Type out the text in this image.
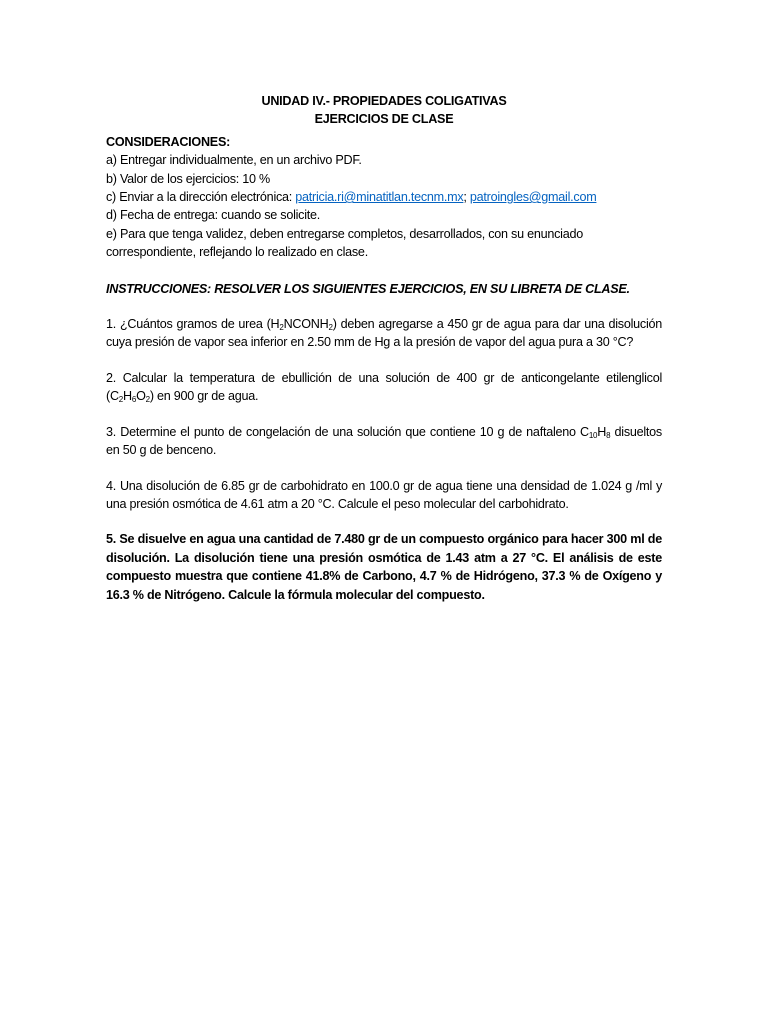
UNIDAD IV.- PROPIEDADES COLIGATIVAS

EJERCICIOS DE CLASE

CONSIDERACIONES:
a) Entregar individualmente, en un archivo PDF.
b) Valor de los ejercicios: 10 %
c) Enviar a la dirección electrónica: patricia.ri@minatitlan.tecnm.mx; patroingles@gmail.com
d) Fecha de entrega: cuando se solicite.
e) Para que tenga validez, deben entregarse completos, desarrollados, con su enunciado
correspondiente, reflejando lo realizado en clase.
INSTRUCCIONES: RESOLVER LOS SIGUIENTES EJERCICIOS, EN SU LIBRETA DE CLASE.
1. ¿Cuántos gramos de urea $(H_2NCONH_2)$ deben agregarse a 450 gr de agua para dar una disolución cuya presión de vapor sea inferior en 2.50 mm de Hg a la presión de vapor del agua pura a 30 °C?
2. Calcular la temperatura de ebullición de una solución de 400 gr de anticongelante etilenglicol $(C_2H_6O_2)$ en 900 gr de agua.
3. Determine el punto de congelación de una solución que contiene 10 g de naftaleno $C_{10}H_8$ disueltos en 50 g de benceno.
4. Una disolución de 6.85 gr de carbohidrato en 100.0 gr de agua tiene una densidad de 1.024 g /ml y una presión osmótica de 4.61 atm a 20 °C. Calcule el peso molecular del carbohidrato.
5. Se disuelve en agua una cantidad de 7.480 gr de un compuesto orgánico para hacer 300 ml de disolución. La disolución tiene una presión osmótica de 1.43 atm a 27 °C. El análisis de este compuesto muestra que contiene 41.8% de Carbono, 4.7 % de Hidrógeno, 37.3 % de Oxígeno y 16.3 % de Nitrógeno. Calcule la fórmula molecular del compuesto.
